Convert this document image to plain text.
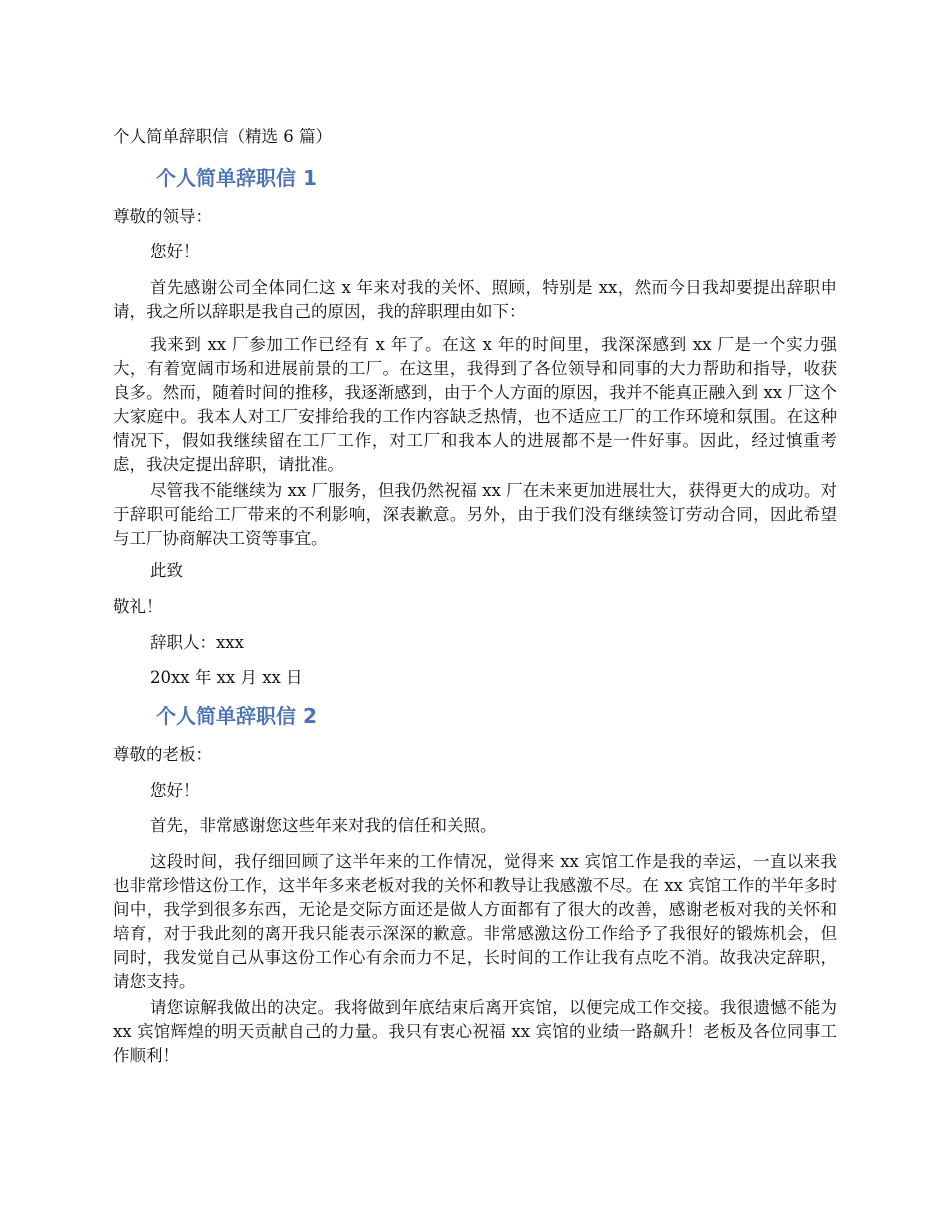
个人简单辞职信（精选 6 篇）
个人简单辞职信 1
尊敬的领导：
您好！
首先感谢公司全体同仁这 x 年来对我的关怀、照顾，特别是 xx，然而今日我却要提出辞职申请，我之所以辞职是我自己的原因，我的辞职理由如下：
我来到 xx 厂参加工作已经有 x 年了。在这 x 年的时间里，我深深感到 xx 厂是一个实力强大，有着宽阔市场和进展前景的工厂。在这里，我得到了各位领导和同事的大力帮助和指导，收获良多。然而，随着时间的推移，我逐渐感到，由于个人方面的原因，我并不能真正融入到 xx 厂这个大家庭中。我本人对工厂安排给我的工作内容缺乏热情，也不适应工厂的工作环境和氛围。在这种情况下，假如我继续留在工厂工作，对工厂和我本人的进展都不是一件好事。因此，经过慎重考虑，我决定提出辞职，请批准。
尽管我不能继续为 xx 厂服务，但我仍然祝福 xx 厂在未来更加进展壮大，获得更大的成功。对于辞职可能给工厂带来的不利影响，深表歉意。另外，由于我们没有继续签订劳动合同，因此希望与工厂协商解决工资等事宜。
此致
敬礼！
辞职人：xxx
20xx 年 xx 月 xx 日
个人简单辞职信 2
尊敬的老板：
您好！
首先，非常感谢您这些年来对我的信任和关照。
这段时间，我仔细回顾了这半年来的工作情况，觉得来 xx 宾馆工作是我的幸运，一直以来我也非常珍惜这份工作，这半年多来老板对我的关怀和教导让我感激不尽。在 xx 宾馆工作的半年多时间中，我学到很多东西，无论是交际方面还是做人方面都有了很大的改善，感谢老板对我的关怀和培育，对于我此刻的离开我只能表示深深的歉意。非常感激这份工作给予了我很好的锻炼机会，但同时，我发觉自己从事这份工作心有余而力不足，长时间的工作让我有点吃不消。故我决定辞职，请您支持。
请您谅解我做出的决定。我将做到年底结束后离开宾馆，以便完成工作交接。我很遗憾不能为 xx 宾馆辉煌的明天贡献自己的力量。我只有衷心祝福 xx 宾馆的业绩一路飙升！老板及各位同事工作顺利！
